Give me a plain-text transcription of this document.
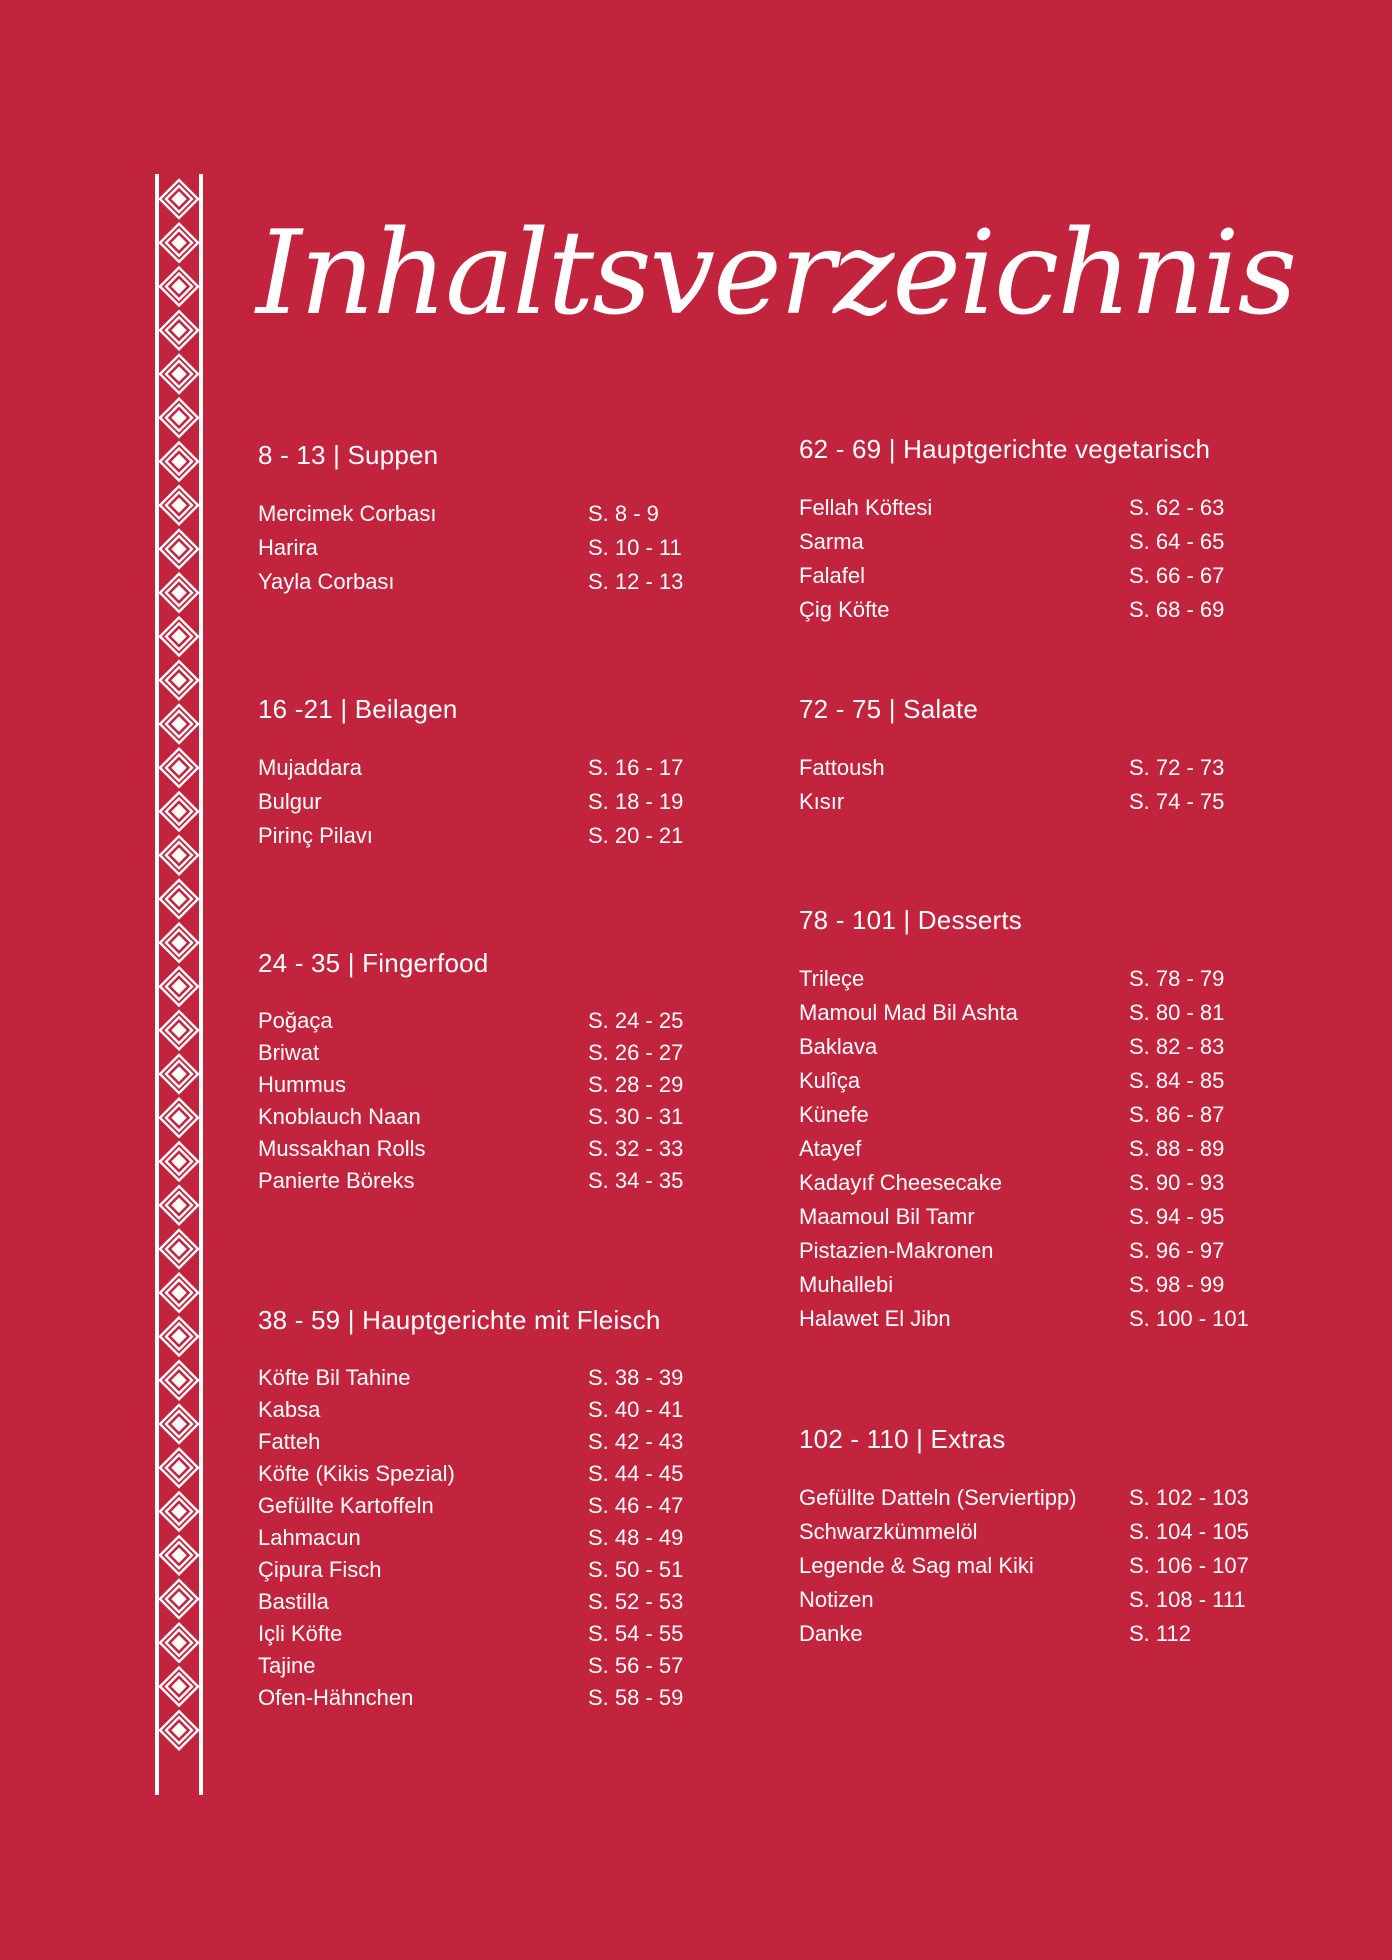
Inhaltsverzeichnis
8 - 13 | Suppen
Mercimek Corbası	S. 8 - 9
Harira	S. 10 - 11
Yayla Corbası	S. 12 - 13
16 -21 | Beilagen
Mujaddara	S. 16 - 17
Bulgur	S. 18 - 19
Pirinç Pilavı	S. 20 - 21
24 - 35 | Fingerfood
Poğaça	S. 24 - 25
Briwat	S. 26 - 27
Hummus	S. 28 - 29
Knoblauch Naan	S. 30 - 31
Mussakhan Rolls	S. 32 - 33
Panierte Böreks	S. 34 - 35
38 - 59 | Hauptgerichte mit Fleisch
Köfte Bil Tahine	S. 38 - 39
Kabsa	S. 40 - 41
Fatteh	S. 42 - 43
Köfte (Kikis Spezial)	S. 44 - 45
Gefüllte Kartoffeln	S. 46 - 47
Lahmacun	S. 48 - 49
Çipura Fisch	S. 50 - 51
Bastilla	S. 52 - 53
Içli Köfte	S. 54 - 55
Tajine	S. 56 - 57
Ofen-Hähnchen	S. 58 - 59
62 - 69 | Hauptgerichte vegetarisch
Fellah Köftesi	S. 62 - 63
Sarma	S. 64 - 65
Falafel	S. 66 - 67
Çig Köfte	S. 68 - 69
72 - 75 | Salate
Fattoush	S. 72 - 73
Kısır	S. 74 - 75
78 - 101 | Desserts
Trileçe	S. 78 - 79
Mamoul Mad Bil Ashta	S. 80 - 81
Baklava	S. 82 - 83
Kulîça	S. 84 - 85
Künefe	S. 86 - 87
Atayef	S. 88 - 89
Kadayıf Cheesecake	S. 90 - 93
Maamoul Bil Tamr	S. 94 - 95
Pistazien-Makronen	S. 96 - 97
Muhallebi	S. 98 - 99
Halawet El Jibn	S. 100 - 101
102 - 110 | Extras
Gefüllte Datteln (Serviertipp) S. 102 - 103
Schwarzkümmelöl	S. 104 - 105
Legende & Sag mal Kiki	S. 106 - 107
Notizen	S. 108 - 111
Danke	S. 112
